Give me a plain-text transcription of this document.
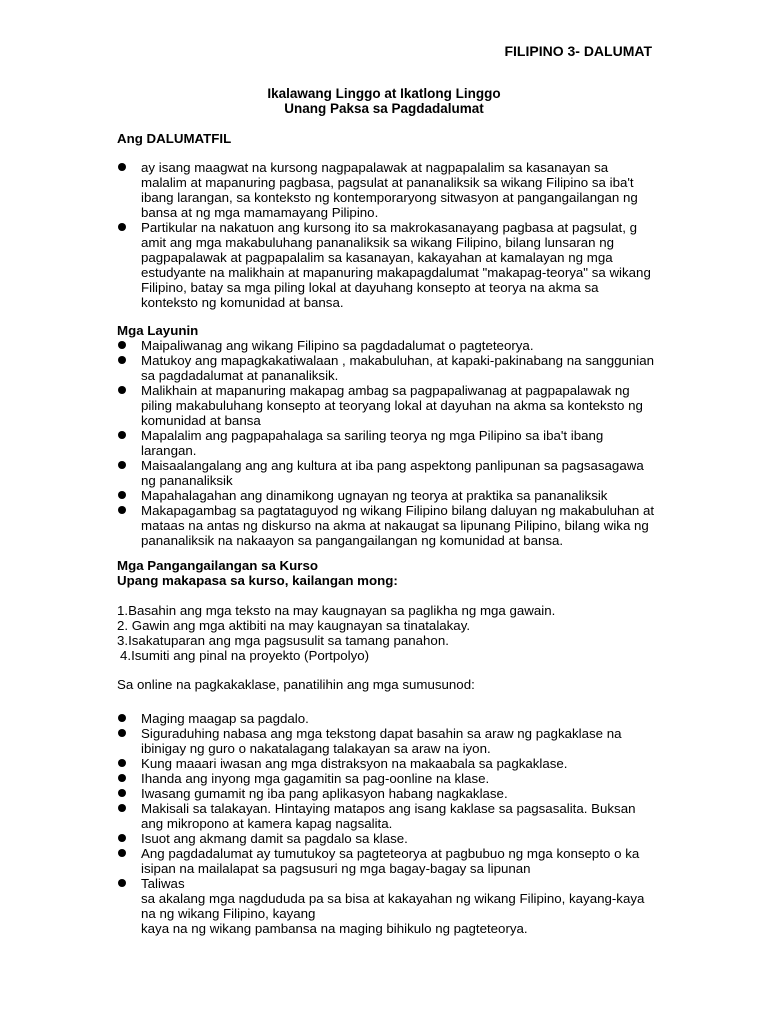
FILIPINO 3- DALUMAT
Ikalawang Linggo at Ikatlong Linggo
Unang Paksa sa Pagdadalumat
Ang DALUMATFIL
ay isang maagwat na kursong nagpapalawak at nagpapalalim sa kasanayan sa malalim at mapanuring pagbasa, pagsulat at pananaliksik sa wikang Filipino sa iba't ibang larangan, sa konteksto ng kontemporaryong sitwasyon at pangangailangan ng bansa at ng mga mamamayang Pilipino.
Partikular na nakatuon ang kursong ito sa makrokasanayang pagbasa at pagsulat, g amit ang mga makabuluhang pananaliksik sa wikang Filipino, bilang lunsaran ng pagpapalawak at pagpapalalim sa kasanayan, kakayahan at kamalayan ng mga estudyante na malikhain at mapanuring makapagdalumat "makapag-teorya" sa wikang Filipino, batay sa mga piling lokal at dayuhang konsepto at teorya na akma sa konteksto ng komunidad at bansa.
Mga Layunin
Maipaliwanag ang wikang Filipino sa pagdadalumat o pagteteorya.
Matukoy ang mapagkakatiwalaan , makabuluhan, at kapaki-pakinabang na sanggunian sa pagdadalumat at pananaliksik.
Malikhain at mapanuring makapag ambag sa pagpapaliwanag at pagpapalawak ng piling makabuluhang konsepto at teoryang lokal at dayuhan na akma sa konteksto ng komunidad at bansa
Mapalalim ang pagpapahalaga sa sariling teorya ng mga Pilipino sa iba't ibang larangan.
Maisaalangalang ang ang kultura at iba pang aspektong panlipunan sa pagsasagawa ng pananaliksik
Mapahalagahan ang dinamikong ugnayan ng teorya at praktika sa pananaliksik
Makapagambag sa pagtataguyod ng wikang Filipino bilang daluyan ng makabuluhan at mataas na antas ng diskurso na akma at nakaugat sa lipunang Pilipino, bilang wika ng pananaliksik na nakaayon sa pangangailangan ng komunidad at bansa.
Mga Pangangailangan sa Kurso
Upang makapasa sa kurso, kailangan mong:

1.Basahin ang mga teksto na may kaugnayan sa paglikha ng mga gawain.

2. Gawin ang mga aktibiti na may kaugnayan sa tinatalakay.

3.Isakatuparan ang mga pagsusulit sa tamang panahon.

4.Isumiti ang pinal na proyekto (Portpolyo)

Sa online na pagkakaklase, panatilihin ang mga sumusunod:

Maging maagap sa pagdalo.
Siguraduhing nabasa ang mga tekstong dapat basahin sa araw ng pagkaklase na ibinigay ng guro o nakatalagang talakayan sa araw na iyon.
Kung maaari iwasan ang mga distraksyon na makaabala sa pagkaklase.
Ihanda ang inyong mga gagamitin sa pag-oonline na klase.
Iwasang gumamit ng iba pang aplikasyon habang nagkaklase.
Makisali sa talakayan. Hintaying matapos ang isang kaklase sa pagsasalita. Buksan ang mikropono at kamera kapag nagsalita.
Isuot ang akmang damit sa pagdalo sa klase.
Ang pagdadalumat ay tumutukoy sa pagteteorya at pagbubuo ng mga konsepto o ka isipan na mailalapat sa pagsusuri ng mga bagay-bagay sa lipunan
Taliwas

sa akalang mga nagdududa pa sa bisa at kakayahan ng wikang Filipino, kayang-kaya na ng wikang Filipino, kayang

kaya na ng wikang pambansa na maging bihikulo ng pagteteorya.
